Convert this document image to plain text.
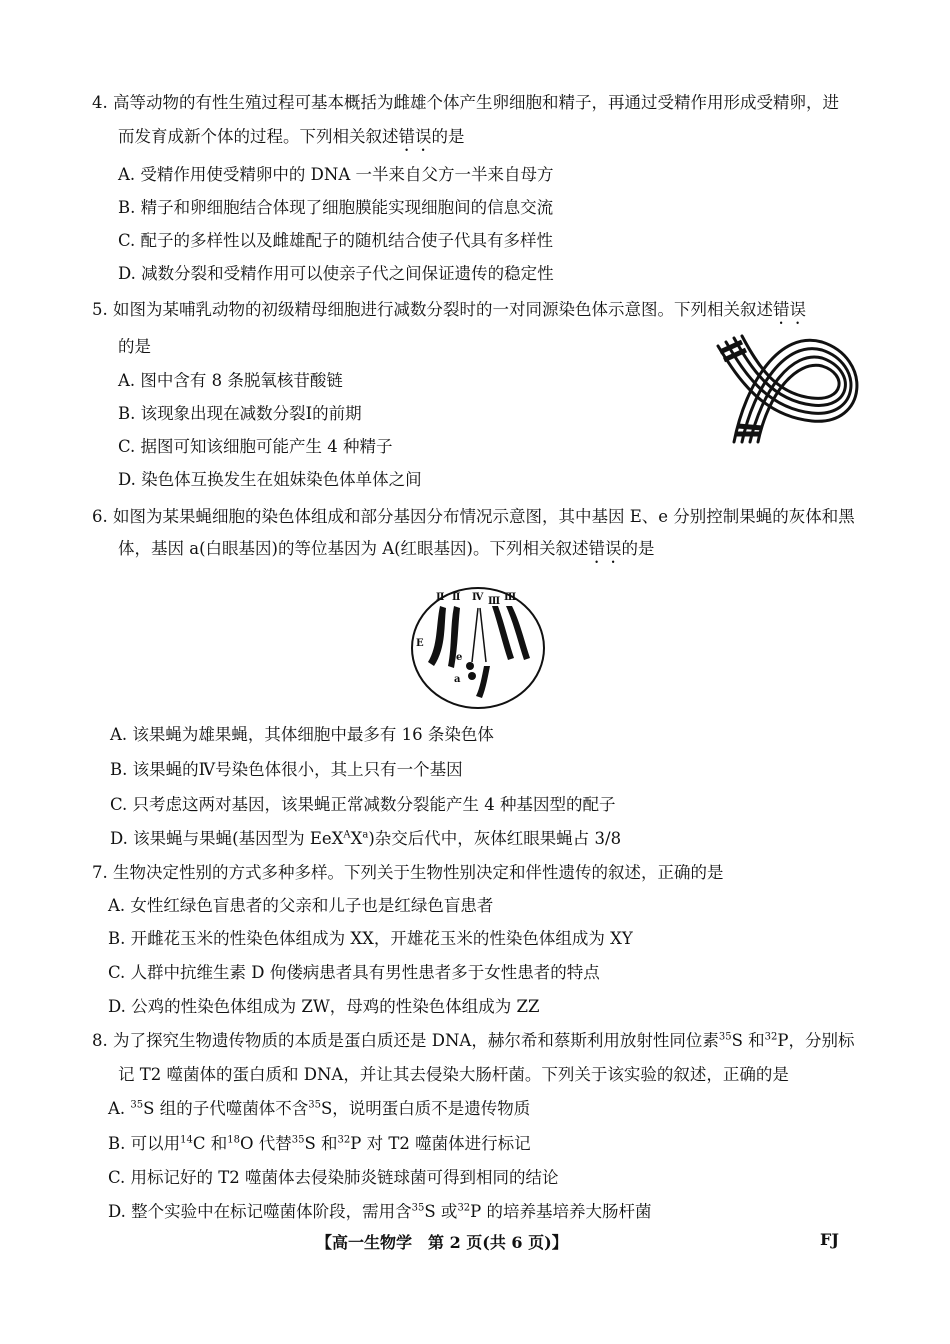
4. 高等动物的有性生殖过程可基本概括为雌雄个体产生卵细胞和精子，再通过受精作用形成受精卵，进
而发育成新个体的过程。下列相关叙述错误的是
A. 受精作用使受精卵中的 DNA 一半来自父方一半来自母方
B. 精子和卵细胞结合体现了细胞膜能实现细胞间的信息交流
C. 配子的多样性以及雌雄配子的随机结合使子代具有多样性
D. 减数分裂和受精作用可以使亲子代之间保证遗传的稳定性
5. 如图为某哺乳动物的初级精母细胞进行减数分裂时的一对同源染色体示意图。下列相关叙述错误
的是
A. 图中含有 8 条脱氧核苷酸链
B. 该现象出现在减数分裂Ⅰ的前期
C. 据图可知该细胞可能产生 4 种精子
D. 染色体互换发生在姐妹染色体单体之间
6. 如图为某果蝇细胞的染色体组成和部分基因分布情况示意图，其中基因 E、e 分别控制果蝇的灰体和黑
体，基因 a(白眼基因)的等位基因为 A(红眼基因)。下列相关叙述错误的是
Ⅱ Ⅱ Ⅳ Ⅲ Ⅲ
E
e
a
A. 该果蝇为雄果蝇，其体细胞中最多有 16 条染色体
B. 该果蝇的Ⅳ号染色体很小，其上只有一个基因
C. 只考虑这两对基因，该果蝇正常减数分裂能产生 4 种基因型的配子
D. 该果蝇与果蝇(基因型为 $EeX^AX^a$)杂交后代中，灰体红眼果蝇占 3/8
7. 生物决定性别的方式多种多样。下列关于生物性别决定和伴性遗传的叙述，正确的是
A. 女性红绿色盲患者的父亲和儿子也是红绿色盲患者
B. 开雌花玉米的性染色体组成为 XX，开雄花玉米的性染色体组成为 XY
C. 人群中抗维生素 D 佝偻病患者具有男性患者多于女性患者的特点
D. 公鸡的性染色体组成为 ZW，母鸡的性染色体组成为 ZZ
8. 为了探究生物遗传物质的本质是蛋白质还是 DNA，赫尔希和蔡斯利用放射性同位素$^{35}$S 和$^{32}$P，分别标
记 T2 噬菌体的蛋白质和 DNA，并让其去侵染大肠杆菌。下列关于该实验的叙述，正确的是
A. $^{35}$S 组的子代噬菌体不含$^{35}$S，说明蛋白质不是遗传物质
B. 可以用$^{14}$C 和$^{18}$O 代替$^{35}$S 和$^{32}$P 对 T2 噬菌体进行标记
C. 用标记好的 T2 噬菌体去侵染肺炎链球菌可得到相同的结论
D. 整个实验中在标记噬菌体阶段，需用含$^{35}$S 或$^{32}$P 的培养基培养大肠杆菌
【高一生物学　第 2 页(共 6 页)】	FJ
